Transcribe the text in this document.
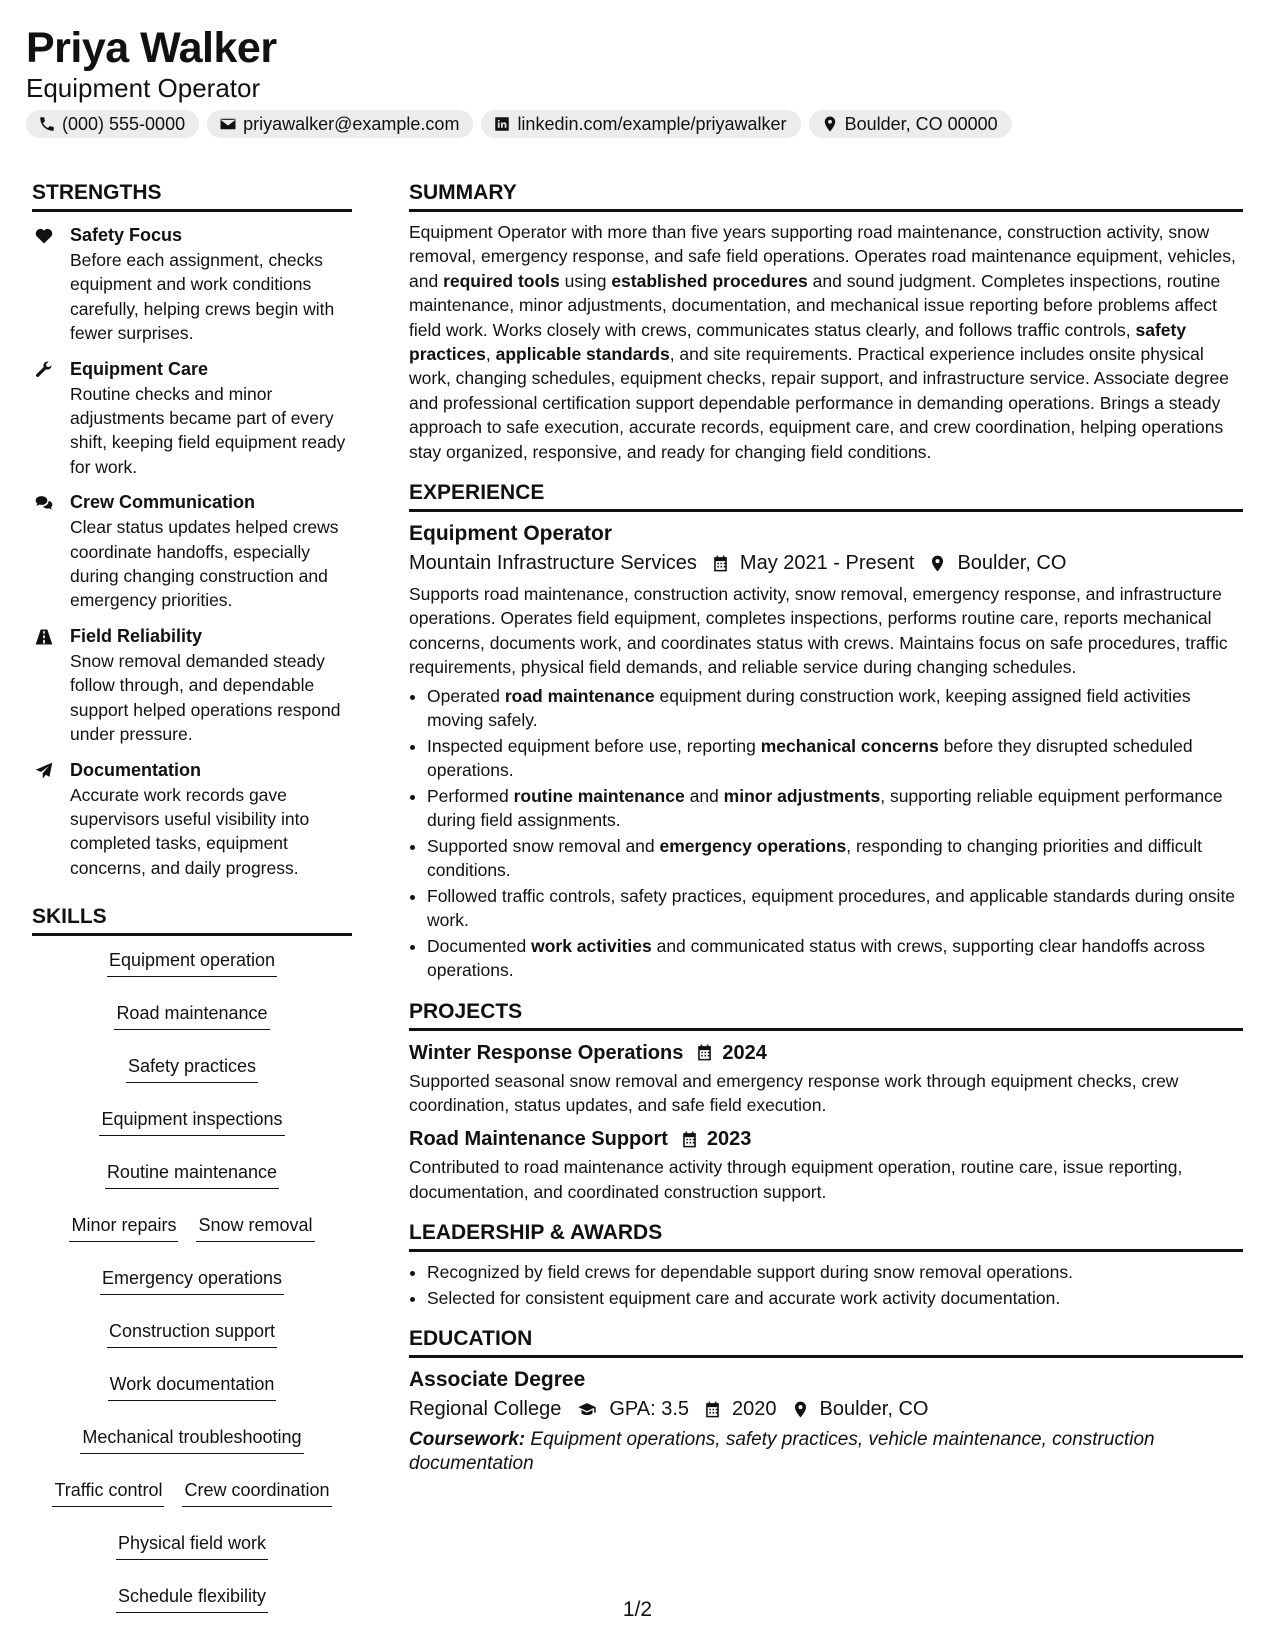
Priya Walker
Equipment Operator
(000) 555-0000	priyawalker@example.com	linkedin.com/example/priyawalker	Boulder, CO 00000
STRENGTHS
Safety Focus
Before each assignment, checks equipment and work conditions carefully, helping crews begin with fewer surprises.
Equipment Care
Routine checks and minor adjustments became part of every shift, keeping field equipment ready for work.
Crew Communication
Clear status updates helped crews coordinate handoffs, especially during changing construction and emergency priorities.
Field Reliability
Snow removal demanded steady follow through, and dependable support helped operations respond under pressure.
Documentation
Accurate work records gave supervisors useful visibility into completed tasks, equipment concerns, and daily progress.
SKILLS
Equipment operation
Road maintenance
Safety practices
Equipment inspections
Routine maintenance
Minor repairs Snow removal
Emergency operations
Construction support
Work documentation
Mechanical troubleshooting
Traffic control Crew coordination
Physical field work
Schedule flexibility
SUMMARY

Equipment Operator with more than five years supporting road maintenance, construction activity, snow removal, emergency response, and safe field operations. Operates road maintenance equipment, vehicles, and required tools using established procedures and sound judgment. Completes inspections, routine maintenance, minor adjustments, documentation, and mechanical issue reporting before problems affect field work. Works closely with crews, communicates status clearly, and follows traffic controls, safety practices, applicable standards, and site requirements. Practical experience includes onsite physical work, changing schedules, equipment checks, repair support, and infrastructure service. Associate degree and professional certification support dependable performance in demanding operations. Brings a steady approach to safe execution, accurate records, equipment care, and crew coordination, helping operations stay organized, responsive, and ready for changing field conditions.

EXPERIENCE
Equipment Operator
Mountain Infrastructure Services May 2021 - Present Boulder, CO

Supports road maintenance, construction activity, snow removal, emergency response, and infrastructure operations. Operates field equipment, completes inspections, performs routine care, reports mechanical concerns, documents work, and coordinates status with crews. Maintains focus on safe procedures, traffic requirements, physical field demands, and reliable service during changing schedules.

• Operated road maintenance equipment during construction work, keeping assigned field activities moving safely.
• Inspected equipment before use, reporting mechanical concerns before they disrupted scheduled operations.
• Performed routine maintenance and minor adjustments, supporting reliable equipment performance during field assignments.
• Supported snow removal and emergency operations, responding to changing priorities and difficult conditions.
• Followed traffic controls, safety practices, equipment procedures, and applicable standards during onsite work.
• Documented work activities and communicated status with crews, supporting clear handoffs across operations.
PROJECTS
Winter Response Operations 2024

Supported seasonal snow removal and emergency response work through equipment checks, crew coordination, status updates, and safe field execution.

Road Maintenance Support 2023

Contributed to road maintenance activity through equipment operation, routine care, issue reporting, documentation, and coordinated construction support.

LEADERSHIP & AWARDS
• Recognized by field crews for dependable support during snow removal operations.
• Selected for consistent equipment care and accurate work activity documentation.
EDUCATION
Associate Degree
Regional College GPA: 3.5 2020 Boulder, CO
Coursework: Equipment operations, safety practices, vehicle maintenance, construction documentation
1/2
